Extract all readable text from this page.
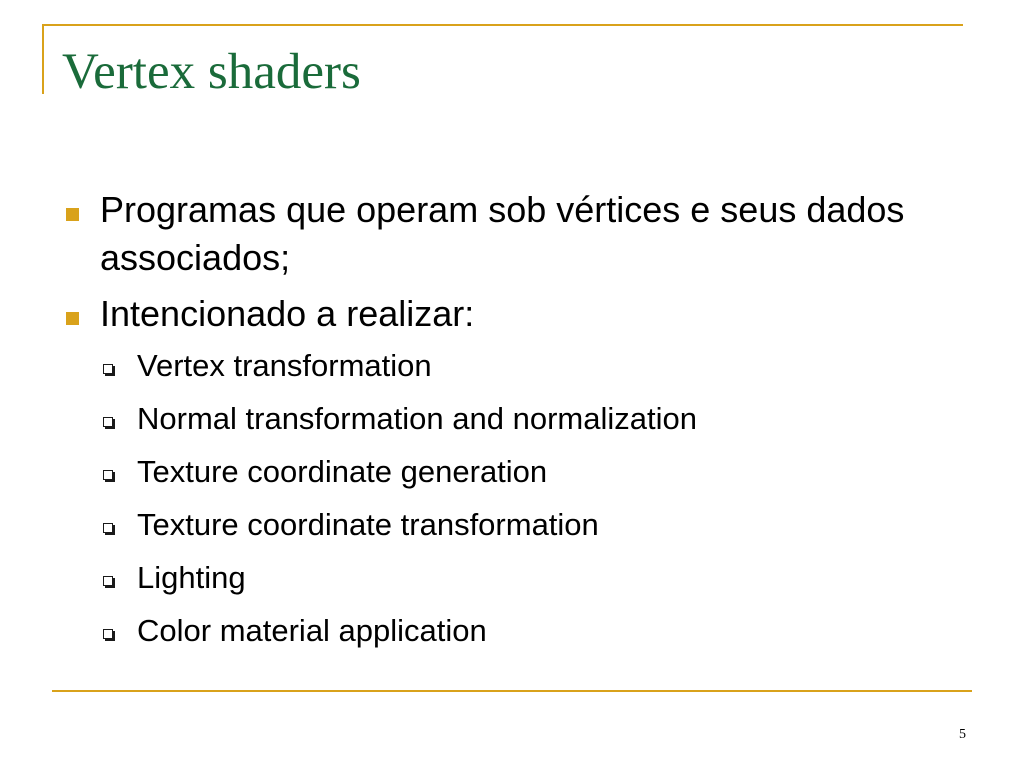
Vertex shaders
Programas que operam sob vértices e seus dados associados;
Intencionado a realizar:
Vertex transformation
Normal transformation and normalization
Texture coordinate generation
Texture coordinate transformation
Lighting
Color material application
5
